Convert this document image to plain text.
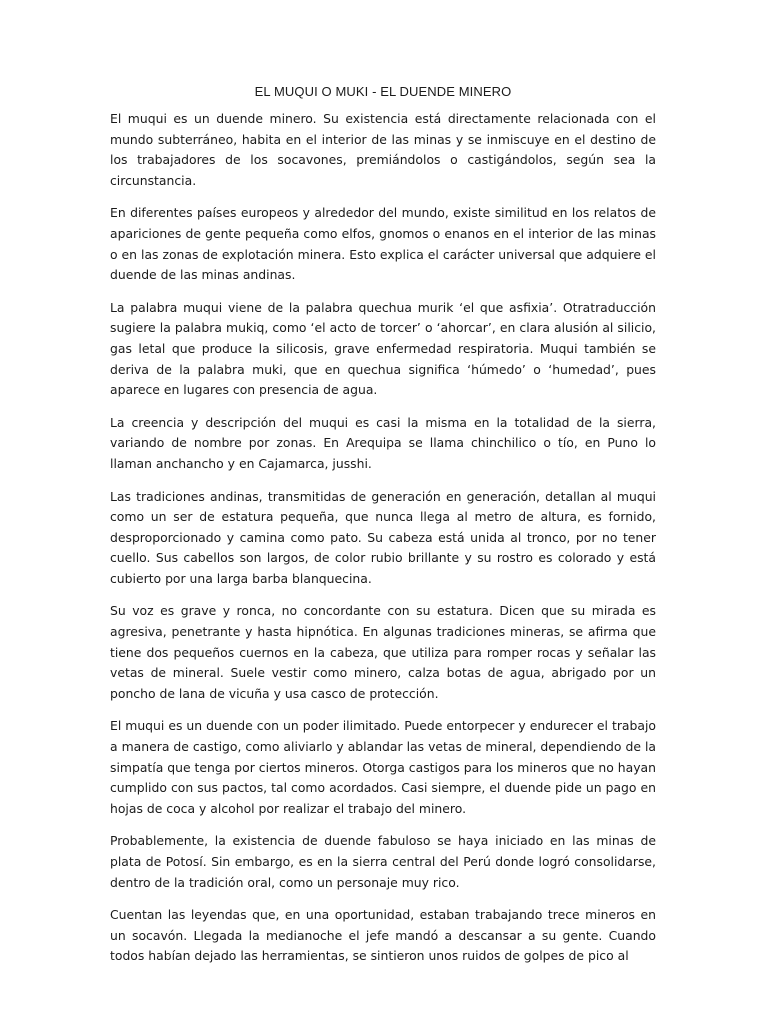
EL MUQUI O MUKI - EL DUENDE MINERO

El muqui es un duende minero. Su existencia está directamente relacionada con el mundo subterráneo, habita en el interior de las minas y se inmiscuye en el destino de los trabajadores de los socavones, premiándolos o castigándolos, según sea la circunstancia.

En diferentes países europeos y alrededor del mundo, existe similitud en los relatos de apariciones de gente pequeña como elfos, gnomos o enanos en el interior de las minas o en las zonas de explotación minera. Esto explica el carácter universal que adquiere el duende de las minas andinas.

La palabra muqui viene de la palabra quechua murik ‘el que asfixia’. Otratraducción sugiere la palabra mukiq, como ‘el acto de torcer’ o ‘ahorcar’, en clara alusión al silicio, gas letal que produce la silicosis, grave enfermedad respiratoria. Muqui también se deriva de la palabra muki, que en quechua significa ‘húmedo’ o ‘humedad’, pues aparece en lugares con presencia de agua.

La creencia y descripción del muqui es casi la misma en la totalidad de la sierra, variando de nombre por zonas. En Arequipa se llama chinchilico o tío, en Puno lo llaman anchancho y en Cajamarca, jusshi.

Las tradiciones andinas, transmitidas de generación en generación, detallan al muqui como un ser de estatura pequeña, que nunca llega al metro de altura, es fornido, desproporcionado y camina como pato. Su cabeza está unida al tronco, por no tener cuello. Sus cabellos son largos, de color rubio brillante y su rostro es colorado y está cubierto por una larga barba blanquecina.

Su voz es grave y ronca, no concordante con su estatura. Dicen que su mirada es agresiva, penetrante y hasta hipnótica. En algunas tradiciones mineras, se afirma que tiene dos pequeños cuernos en la cabeza, que utiliza para romper rocas y señalar las vetas de mineral. Suele vestir como minero, calza botas de agua, abrigado por un poncho de lana de vicuña y usa casco de protección.

El muqui es un duende con un poder ilimitado. Puede entorpecer y endurecer el trabajo a manera de castigo, como aliviarlo y ablandar las vetas de mineral, dependiendo de la simpatía que tenga por ciertos mineros. Otorga castigos para los mineros que no hayan cumplido con sus pactos, tal como acordados. Casi siempre, el duende pide un pago en hojas de coca y alcohol por realizar el trabajo del minero.

Probablemente, la existencia de duende fabuloso se haya iniciado en las minas de plata de Potosí. Sin embargo, es en la sierra central del Perú donde logró consolidarse, dentro de la tradición oral, como un personaje muy rico.

Cuentan las leyendas que, en una oportunidad, estaban trabajando trece mineros en un socavón. Llegada la medianoche el jefe mandó a descansar a su gente. Cuando todos habían dejado las herramientas, se sintieron unos ruidos de golpes de pico al
